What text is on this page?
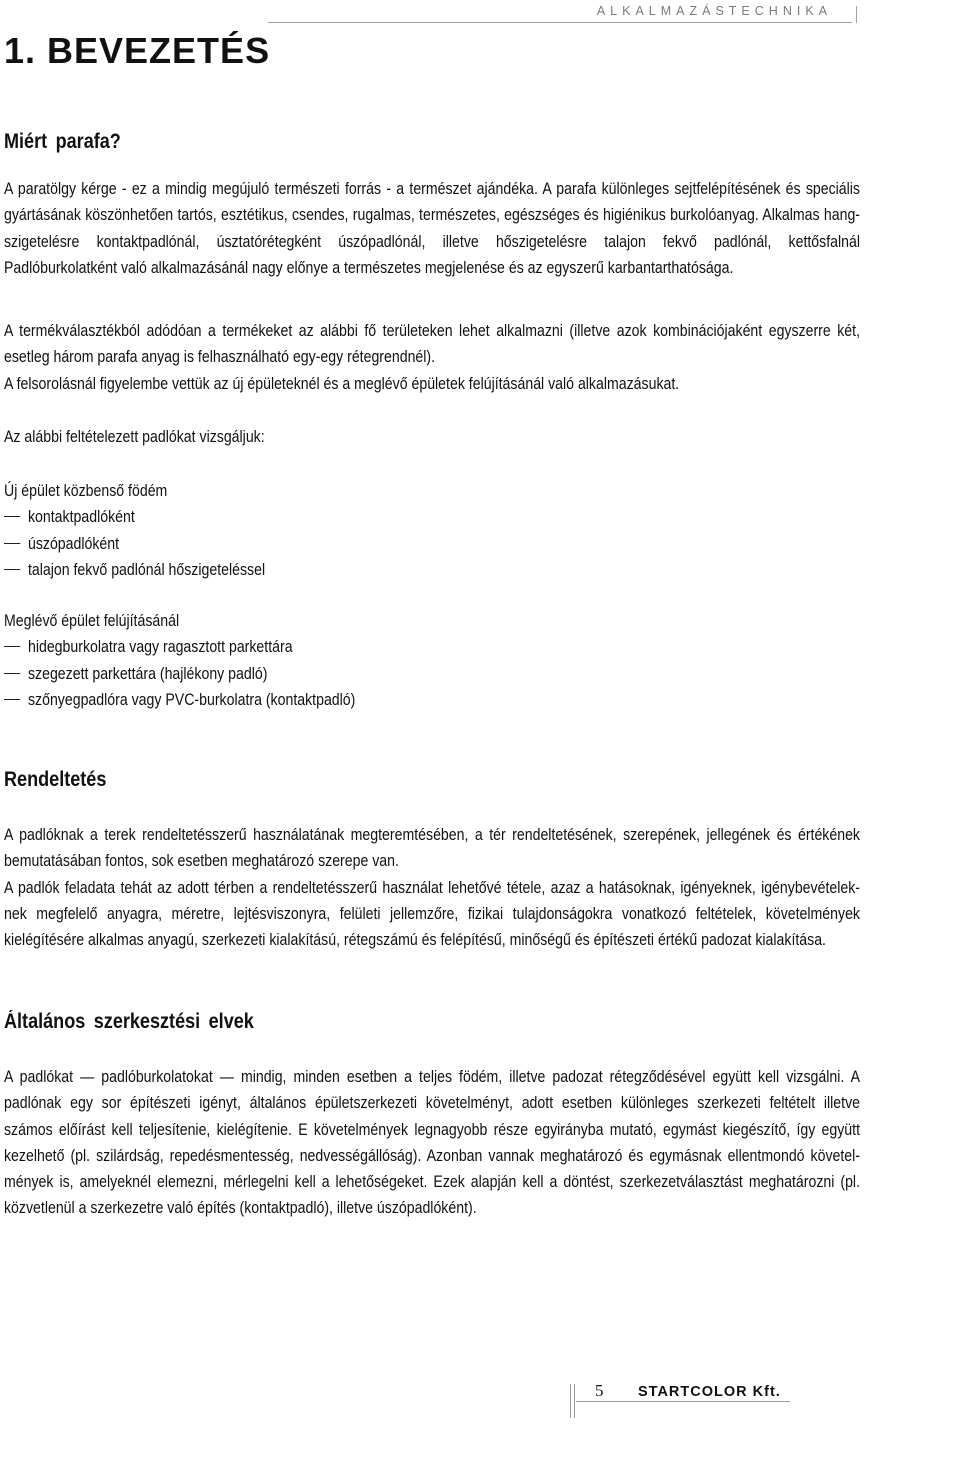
ALKALMAZÁSTECHNIKA
1. BEVEZETÉS
Miért parafa?
A paratölgy kérge - ez a mindig megújuló természeti forrás - a természet ajándéka. A parafa különleges sejtfelépítésének és speciális
gyártásának köszönhetően tartós, esztétikus, csendes, rugalmas, természetes, egészséges és higiénikus burkolóanyag. Alkalmas hang-
szigetelésre kontaktpadlónál, úsztatórétegként úszópadlónál, illetve hőszigetelésre talajon fekvő padlónál, kettősfalnál
Padlóburkolatként való alkalmazásánál nagy előnye a természetes megjelenése és az egyszerű karbantarthatósága.
A termékválasztékból adódóan a termékeket az alábbi fő területeken lehet alkalmazni (illetve azok kombinációjaként egyszerre két,
esetleg három parafa anyag is felhasználható egy-egy rétegrendnél).
A felsorolásnál figyelembe vettük az új épületeknél és a meglévő épületek felújításánál való alkalmazásukat.
Az alábbi feltételezett padlókat vizsgáljuk:
Új épület közbenső födém
kontaktpadlóként
úszópadlóként
talajon fekvő padlónál hőszigeteléssel
Meglévő épület felújításánál
hidegburkolatra vagy ragasztott parkettára
szegezett parkettára (hajlékony padló)
szőnyegpadlóra vagy PVC-burkolatra (kontaktpadló)
Rendeltetés
A padlóknak a terek rendeltetésszerű használatának megteremtésében, a tér rendeltetésének, szerepének, jellegének és értékének
bemutatásában fontos, sok esetben meghatározó szerepe van.
A padlók feladata tehát az adott térben a rendeltetésszerű használat lehetővé tétele, azaz a hatásoknak, igényeknek, igénybevételek-
nek megfelelő anyagra, méretre, lejtésviszonyra, felületi jellemzőre, fizikai tulajdonságokra vonatkozó feltételek, követelmények
kielégítésére alkalmas anyagú, szerkezeti kialakítású, rétegszámú és felépítésű, minőségű és építészeti értékű padozat kialakítása.
Általános szerkesztési elvek
A padlókat — padlóburkolatokat — mindig, minden esetben a teljes födém, illetve padozat rétegződésével együtt kell vizsgálni. A
padlónak egy sor építészeti igényt, általános épületszerkezeti követelményt, adott esetben különleges szerkezeti feltételt illetve
számos előírást kell teljesítenie, kielégítenie. E követelmények legnagyobb része egyirányba mutató, egymást kiegészítő, így együtt
kezelhető (pl. szilárdság, repedésmentesség, nedvességállóság). Azonban vannak meghatározó és egymásnak ellentmondó követel-
mények is, amelyeknél elemezni, mérlegelni kell a lehetőségeket. Ezek alapján kell a döntést, szerkezetválasztást meghatározni (pl.
közvetlenül a szerkezetre való építés (kontaktpadló), illetve úszópadlóként).
5 STARTCOLOR Kft.
